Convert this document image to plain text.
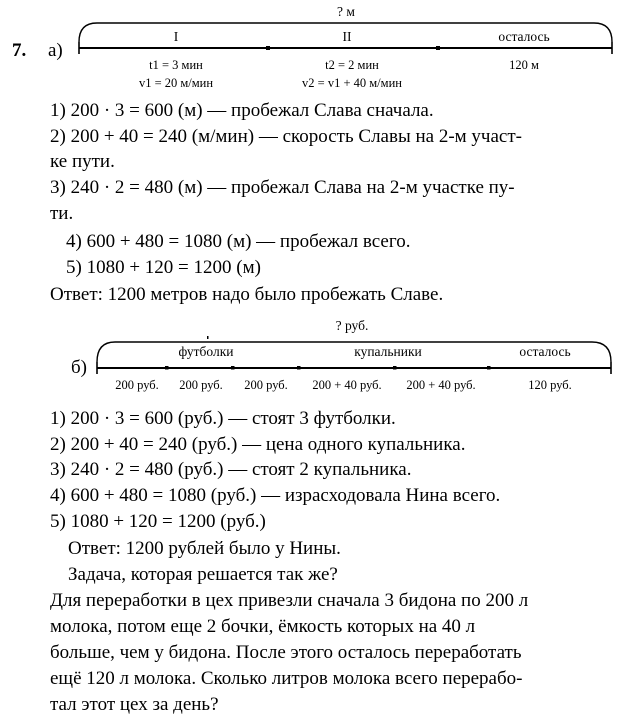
7. а)
? м
I	II	осталось
t1 = 3 мин
v1 = 20 м/мин
t2 = 2 мин
v2 = v1 + 40 м/мин
120 м
1) 200 · 3 = 600 (м) — пробежал Слава сначала.
2) 200 + 40 = 240 (м/мин) — скорость Славы на 2-м участ-
ке пути.
3) 240 · 2 = 480 (м) — пробежал Слава на 2-м участке пу-
ти.
4) 600 + 480 = 1080 (м) — пробежал всего.
5) 1080 + 120 = 1200 (м)
Ответ: 1200 метров надо было пробежать Славе.
б)
? руб.
футболки	купальники	осталось
200 руб. 200 руб. 200 руб. 200 + 40 руб. 200 + 40 руб.	120 руб.
1) 200 · 3 = 600 (руб.) — стоят 3 футболки.
2) 200 + 40 = 240 (руб.) — цена одного купальника.
3) 240 · 2 = 480 (руб.) — стоят 2 купальника.
4) 600 + 480 = 1080 (руб.) — израсходовала Нина всего.
5) 1080 + 120 = 1200 (руб.)
Ответ: 1200 рублей было у Нины.
Задача, которая решается так же?
Для переработки в цех привезли сначала 3 бидона по 200 л
молока, потом еще 2 бочки, ёмкость которых на 40 л
больше, чем у бидона. После этого осталось переработать
ещё 120 л молока. Сколько литров молока всего перерабо-
тал этот цех за день?
